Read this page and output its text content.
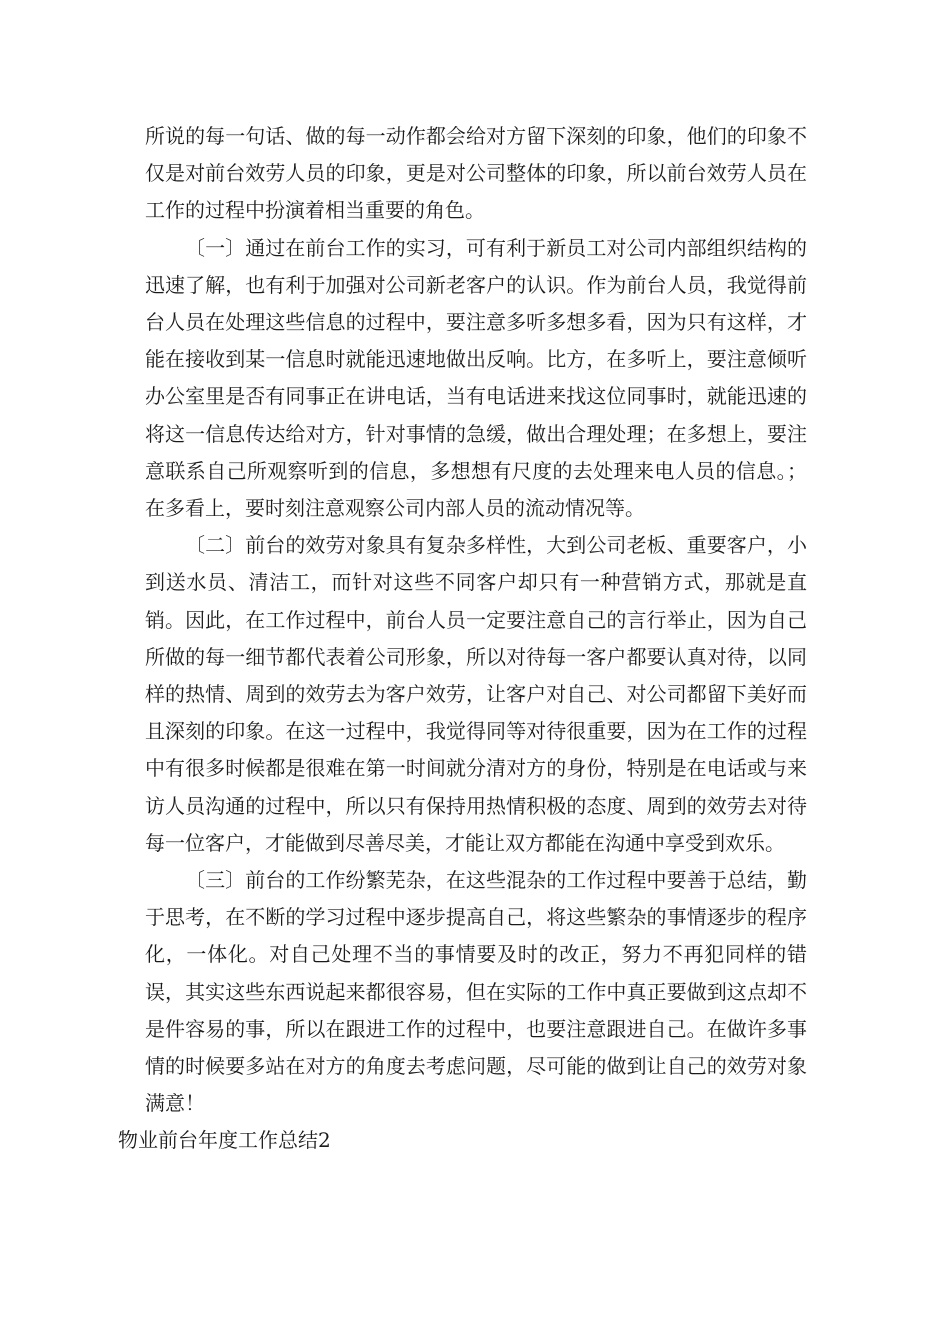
所说的每一句话、做的每一动作都会给对方留下深刻的印象，他们的印象不仅是对前台效劳人员的印象，更是对公司整体的印象，所以前台效劳人员在工作的过程中扮演着相当重要的角色。

〔一〕通过在前台工作的实习，可有利于新员工对公司内部组织结构的迅速了解，也有利于加强对公司新老客户的认识。作为前台人员，我觉得前台人员在处理这些信息的过程中，要注意多听多想多看，因为只有这样，才能在接收到某一信息时就能迅速地做出反响。比方，在多听上，要注意倾听办公室里是否有同事正在讲电话，当有电话进来找这位同事时，就能迅速的将这一信息传达给对方，针对事情的急缓，做出合理处理；在多想上，要注意联系自己所观察听到的信息，多想想有尺度的去处理来电人员的信息。；在多看上，要时刻注意观察公司内部人员的流动情况等。

〔二〕前台的效劳对象具有复杂多样性，大到公司老板、重要客户，小到送水员、清洁工，而针对这些不同客户却只有一种营销方式，那就是直销。因此，在工作过程中，前台人员一定要注意自己的言行举止，因为自己所做的每一细节都代表着公司形象，所以对待每一客户都要认真对待，以同样的热情、周到的效劳去为客户效劳，让客户对自己、对公司都留下美好而且深刻的印象。在这一过程中，我觉得同等对待很重要，因为在工作的过程中有很多时候都是很难在第一时间就分清对方的身份，特别是在电话或与来访人员沟通的过程中，所以只有保持用热情积极的态度、周到的效劳去对待每一位客户，才能做到尽善尽美，才能让双方都能在沟通中享受到欢乐。

〔三〕前台的工作纷繁芜杂，在这些混杂的工作过程中要善于总结，勤于思考，在不断的学习过程中逐步提高自己，将这些繁杂的事情逐步的程序化，一体化。对自己处理不当的事情要及时的改正，努力不再犯同样的错误，其实这些东西说起来都很容易，但在实际的工作中真正要做到这点却不是件容易的事，所以在跟进工作的过程中，也要注意跟进自己。在做许多事情的时候要多站在对方的角度去考虑问题，尽可能的做到让自己的效劳对象满意！

物业前台年度工作总结2
